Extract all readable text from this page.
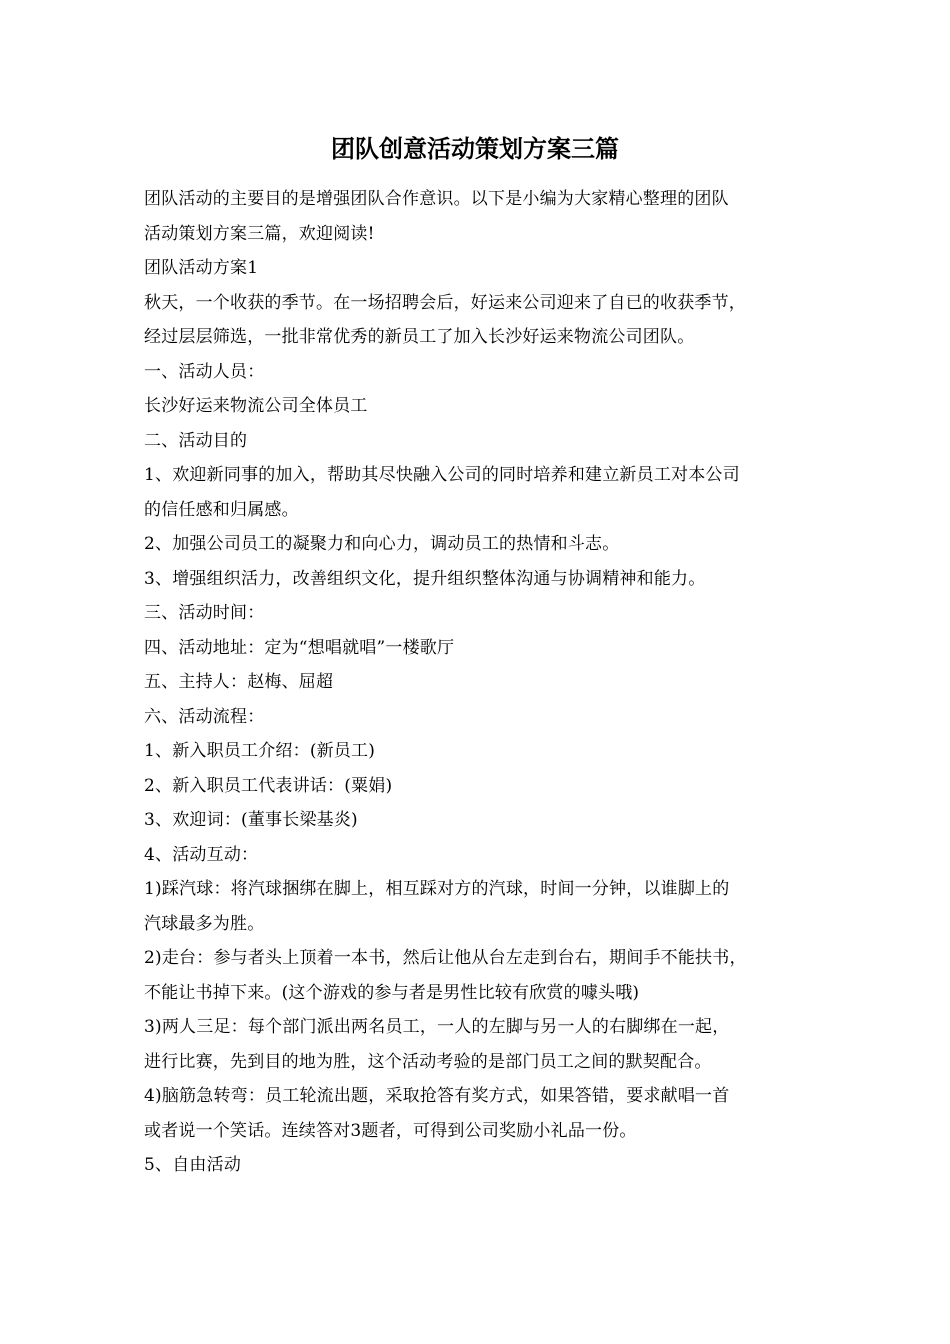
团队创意活动策划方案三篇

团队活动的主要目的是增强团队合作意识。以下是小编为大家精心整理的团队
活动策划方案三篇，欢迎阅读!

团队活动方案1

秋天，一个收获的季节。在一场招聘会后，好运来公司迎来了自已的收获季节，
经过层层筛选，一批非常优秀的新员工了加入长沙好运来物流公司团队。

一、活动人员：

长沙好运来物流公司全体员工

二、活动目的

1、欢迎新同事的加入，帮助其尽快融入公司的同时培养和建立新员工对本公司
的信任感和归属感。

2、加强公司员工的凝聚力和向心力，调动员工的热情和斗志。

3、增强组织活力，改善组织文化，提升组织整体沟通与协调精神和能力。

三、活动时间：

四、活动地址：定为“想唱就唱”一楼歌厅

五、主持人：赵梅、屈超

六、活动流程：

1、新入职员工介绍：(新员工)

2、新入职员工代表讲话：(粟娟)

3、欢迎词：(董事长梁基炎)

4、活动互动：

1)踩汽球：将汽球捆绑在脚上，相互踩对方的汽球，时间一分钟，以谁脚上的
汽球最多为胜。

2)走台：参与者头上顶着一本书，然后让他从台左走到台右，期间手不能扶书，
不能让书掉下来。(这个游戏的参与者是男性比较有欣赏的噱头哦)

3)两人三足：每个部门派出两名员工，一人的左脚与另一人的右脚绑在一起，
进行比赛，先到目的地为胜，这个活动考验的是部门员工之间的默契配合。

4)脑筋急转弯：员工轮流出题，采取抢答有奖方式，如果答错，要求献唱一首
或者说一个笑话。连续答对3题者，可得到公司奖励小礼品一份。

5、自由活动
